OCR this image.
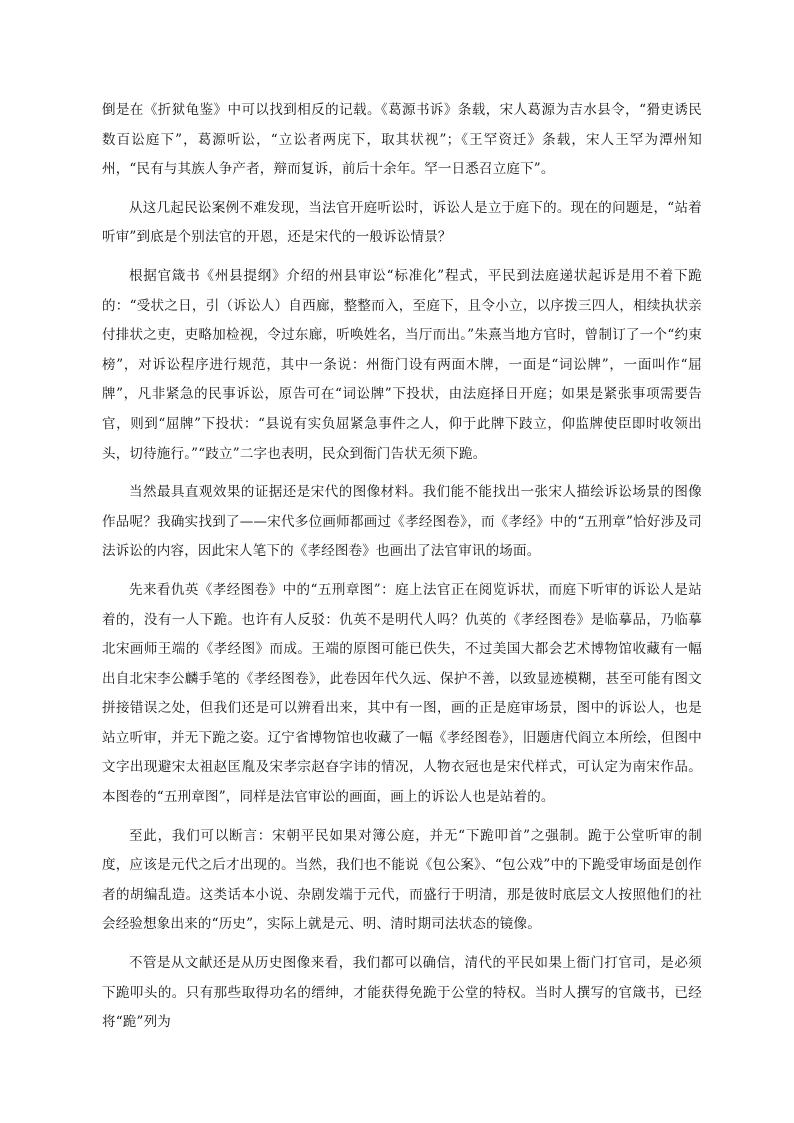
倒是在《折狱龟鉴》中可以找到相反的记载。《葛源书诉》条载，宋人葛源为吉水县令，“猾吏诱民数百讼庭下”，葛源听讼，“立讼者两庑下，取其状视”；《王罕资迁》条载，宋人王罕为潭州知州，“民有与其族人争产者，辩而复诉，前后十余年。罕一日悉召立庭下”。

从这几起民讼案例不难发现，当法官开庭听讼时，诉讼人是立于庭下的。现在的问题是，“站着听审”到底是个别法官的开恩，还是宋代的一般诉讼情景？

根据官箴书《州县提纲》介绍的州县审讼“标准化”程式，平民到法庭递状起诉是用不着下跪的：“受状之日，引（诉讼人）自西廊，整整而入，至庭下，且令小立，以序拨三四人，相续执状亲付排状之吏，吏略加检视，令过东廊，听唤姓名，当厅而出。”朱熹当地方官时，曾制订了一个“约束榜”，对诉讼程序进行规范，其中一条说：州衙门设有两面木牌，一面是“词讼牌”，一面叫作“屈牌”，凡非紧急的民事诉讼，原告可在“词讼牌”下投状，由法庭择日开庭；如果是紧张事项需要告官，则到“屈牌”下投状：“县说有实负屈紧急事件之人，仰于此牌下跂立，仰监牌使臣即时收领出头，切待施行。”“跂立”二字也表明，民众到衙门告状无须下跪。

当然最具直观效果的证据还是宋代的图像材料。我们能不能找出一张宋人描绘诉讼场景的图像作品呢？我确实找到了——宋代多位画师都画过《孝经图卷》，而《孝经》中的“五刑章”恰好涉及司法诉讼的内容，因此宋人笔下的《孝经图卷》也画出了法官审讯的场面。

先来看仇英《孝经图卷》中的“五刑章图”：庭上法官正在阅览诉状，而庭下听审的诉讼人是站着的，没有一人下跪。也许有人反驳：仇英不是明代人吗？仇英的《孝经图卷》是临摹品，乃临摹北宋画师王端的《孝经图》而成。王端的原图可能已佚失，不过美国大都会艺术博物馆收藏有一幅出自北宋李公麟手笔的《孝经图卷》，此卷因年代久远、保护不善，以致显迹模糊，甚至可能有图文拼接错误之处，但我们还是可以辨看出来，其中有一图，画的正是庭审场景，图中的诉讼人，也是站立听审，并无下跪之姿。辽宁省博物馆也收藏了一幅《孝经图卷》，旧题唐代阎立本所绘，但图中文字出现避宋太祖赵匡胤及宋孝宗赵昚字讳的情况，人物衣冠也是宋代样式，可认定为南宋作品。本图卷的“五刑章图”，同样是法官审讼的画面，画上的诉讼人也是站着的。

至此，我们可以断言：宋朝平民如果对簿公庭，并无“下跪叩首”之强制。跪于公堂听审的制度，应该是元代之后才出现的。当然，我们也不能说《包公案》、“包公戏”中的下跪受审场面是创作者的胡编乱造。这类话本小说、杂剧发端于元代，而盛行于明清，那是彼时底层文人按照他们的社会经验想象出来的“历史”，实际上就是元、明、清时期司法状态的镜像。

不管是从文献还是从历史图像来看，我们都可以确信，清代的平民如果上衙门打官司，是必须下跪叩头的。只有那些取得功名的缙绅，才能获得免跪于公堂的特权。当时人撰写的官箴书，已经将“跪”列为
